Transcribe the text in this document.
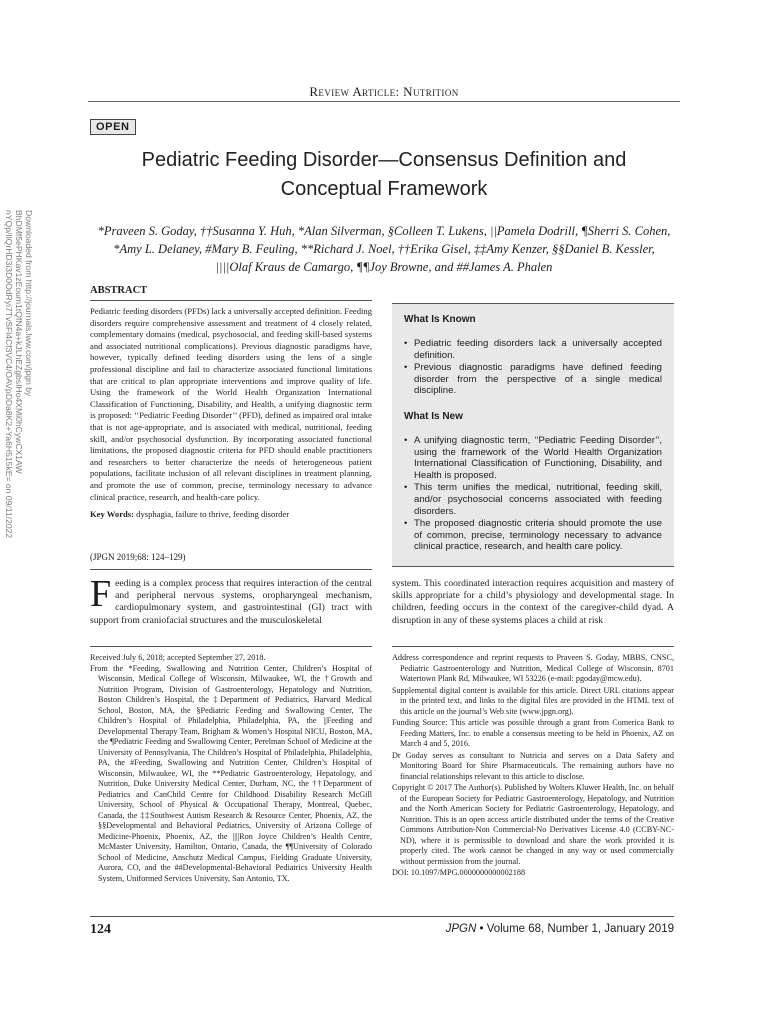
Downloaded from http://journals.lww.com/jpgn by BhDMf5ePHKav1zEoum1tQfN4a+kJLhEZgbsIHo4XMi0hCywCX1AW nYQp/IlQrHD3i3D0OdRyi7TvSFl4Cf3VC4/OAVpDDa8K2+Ya6H515kE= on 09/11/2022
Review Article: Nutrition
OPEN
Pediatric Feeding Disorder—Consensus Definition and Conceptual Framework
*Praveen S. Goday, ††Susanna Y. Huh, *Alan Silverman, §Colleen T. Lukens, ||Pamela Dodrill, ¶Sherri S. Cohen, *Amy L. Delaney, #Mary B. Feuling, **Richard J. Noel, ††Erika Gisel, ‡‡Amy Kenzer, §§Daniel B. Kessler, ||||Olaf Kraus de Camargo, ¶¶Joy Browne, and ##James A. Phalen
ABSTRACT

Pediatric feeding disorders (PFDs) lack a universally accepted definition. Feeding disorders require comprehensive assessment and treatment of 4 closely related, complementary domains (medical, psychosocial, and feeding skill-based systems and associated nutritional complications). Previous diagnostic paradigms have, however, typically defined feeding disorders using the lens of a single professional discipline and fail to characterize associated functional limitations that are critical to plan appropriate interventions and improve quality of life. Using the framework of the World Health Organization International Classification of Functioning, Disability, and Health, a unifying diagnostic term is proposed: ‘‘Pediatric Feeding Disorder’’ (PFD), defined as impaired oral intake that is not age-appropriate, and is associated with medical, nutritional, feeding skill, and/or psychosocial dysfunction. By incorporating associated functional limitations, the proposed diagnostic criteria for PFD should enable practitioners and researchers to better characterize the needs of heterogeneous patient populations, facilitate inclusion of all relevant disciplines in treatment planning, and promote the use of common, precise, terminology necessary to advance clinical practice, research, and health-care policy.

Key Words: dysphagia, failure to thrive, feeding disorder

(JPGN 2019;68: 124–129)
What Is Known
• Pediatric feeding disorders lack a universally accepted definition.
• Previous diagnostic paradigms have defined feeding disorder from the perspective of a single medical discipline.
What Is New
• A unifying diagnostic term, ‘‘Pediatric Feeding Disorder’’, using the framework of the World Health Organization International Classification of Functioning, Disability, and Health is proposed.
• This term unifies the medical, nutritional, feeding skill, and/or psychosocial concerns associated with feeding disorders.
• The proposed diagnostic criteria should promote the use of common, precise, terminology necessary to advance clinical practice, research, and health care policy.
Feeding is a complex process that requires interaction of the central and peripheral nervous systems, oropharyngeal mechanism, cardiopulmonary system, and gastrointestinal (GI) tract with support from craniofacial structures and the musculoskeletal
system. This coordinated interaction requires acquisition and mastery of skills appropriate for a child’s physiology and developmental stage. In children, feeding occurs in the context of the caregiver-child dyad. A disruption in any of these systems places a child at risk

Received July 6, 2018; accepted September 27, 2018.

From the *Feeding, Swallowing and Nutrition Center, Children’s Hospital of Wisconsin, Medical College of Wisconsin, Milwaukee, WI, the †Growth and Nutrition Program, Division of Gastroenterology, Hepatology and Nutrition, Boston Children’s Hospital, the ‡Department of Pediatrics, Harvard Medical School, Boston, MA, the §Pediatric Feeding and Swallowing Center, The Children’s Hospital of Philadelphia, Philadelphia, PA, the ||Feeding and Developmental Therapy Team, Brigham & Women’s Hospital NICU, Boston, MA, the ¶Pediatric Feeding and Swallowing Center, Perelman School of Medicine at the University of Pennsylvania, The Children’s Hospital of Philadelphia, Philadelphia, PA, the #Feeding, Swallowing and Nutrition Center, Children’s Hospital of Wisconsin, Milwaukee, WI, the **Pediatric Gastroenterology, Hepatology, and Nutrition, Duke University Medical Center, Durham, NC, the ††Department of Pediatrics and CanChild Centre for Childhood Disability Research McGill University, School of Physical & Occupational Therapy, Montreal, Quebec, Canada, the ‡‡Southwest Autism Research & Resource Center, Phoenix, AZ, the §§Developmental and Behavioral Pediatrics, University of Arizona College of Medicine-Phoenix, Phoenix, AZ, the ||||Ron Joyce Children’s Health Centre, McMaster University, Hamilton, Ontario, Canada, the ¶¶University of Colorado School of Medicine, Anschutz Medical Campus, Fielding Graduate University, Aurora, CO, and the ##Developmental-Behavioral Pediatrics University Health System, Uniformed Services University, San Antonio, TX.

Address correspondence and reprint requests to Praveen S. Goday, MBBS, CNSC, Pediatric Gastroenterology and Nutrition, Medical College of Wisconsin, 8701 Watertown Plank Rd, Milwaukee, WI 53226 (e-mail: pgoday@mcw.edu).

Supplemental digital content is available for this article. Direct URL citations appear in the printed text, and links to the digital files are provided in the HTML text of this article on the journal’s Web site (www.jpgn.org).

Funding Source: This article was possible through a grant from Comerica Bank to Feeding Matters, Inc. to enable a consensus meeting to be held in Phoenix, AZ on March 4 and 5, 2016.

Dr Goday serves as consultant to Nutricia and serves on a Data Safety and Monitoring Board for Shire Pharmaceuticals. The remaining authors have no financial relationships relevant to this article to disclose.

Copyright © 2017 The Author(s). Published by Wolters Kluwer Health, Inc. on behalf of the European Society for Pediatric Gastroenterology, Hepatology, and Nutrition and the North American Society for Pediatric Gastroenterology, Hepatology, and Nutrition. This is an open access article distributed under the terms of the Creative Commons Attribution-Non Commercial-No Derivatives License 4.0 (CCBY-NC-ND), where it is permissible to download and share the work provided it is properly cited. The work cannot be changed in any way or used commercially without permission from the journal.

DOI: 10.1097/MPG.0000000000002188

124	JPGN • Volume 68, Number 1, January 2019
